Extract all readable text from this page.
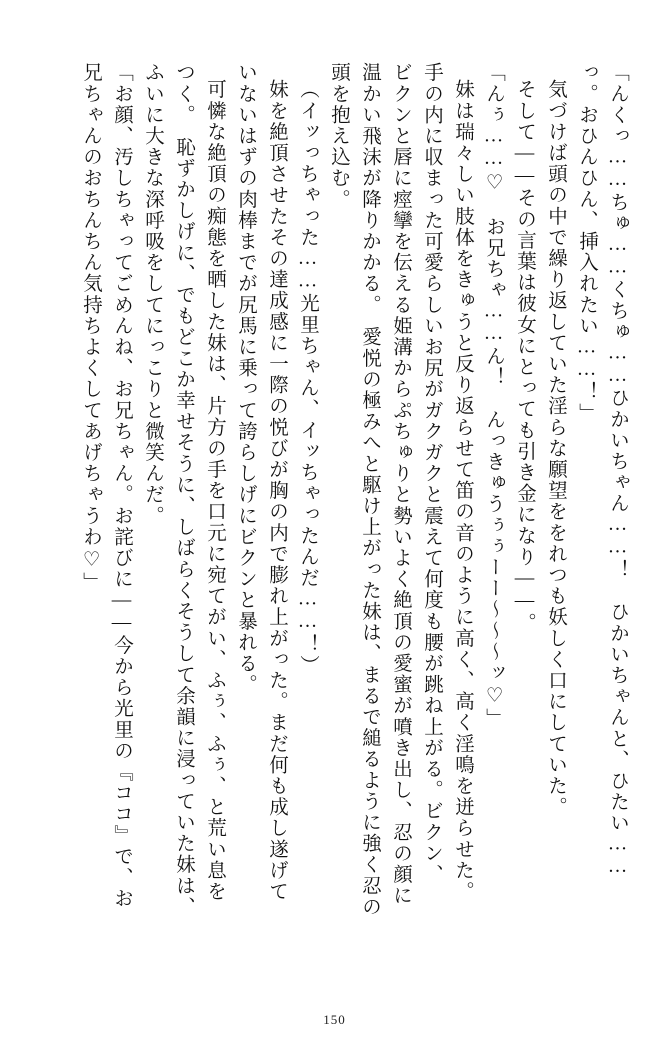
「んくっ……ちゅ……くちゅ……ひかいちゃん……！　ひかいちゃんと、ひたい……
っ。おひんひん、挿入れたい……！」
気づけば頭の中で繰り返していた淫らな願望ををれつも妖しく口にしていた。
そして――その言葉は彼女にとっても引き金になり――。
「んぅ……♡　お兄ちゃ……ん！　んっきゅうぅぅーー～～～ッ♡」
妹は瑞々しい肢体をきゅうと反り返らせて笛の音のように高く、高く淫鳴を迸らせた。
手の内に収まった可愛らしいお尻がガクガクと震えて何度も腰が跳ね上がる。ビクン、
ビクンと唇に痙攣を伝える姫溝からぷちゅりと勢いよく絶頂の愛蜜が噴き出し、忍の顔に
温かい飛沫が降りかかる。　愛悦の極みへと駆け上がった妹は、まるで縋るように強く忍の
頭を抱え込む。
（イッっちゃった……光里ちゃん、イッちゃったんだ……！）
妹を絶頂させたその達成感に一際の悦びが胸の内で膨れ上がった。まだ何も成し遂げて
いないはずの肉棒までが尻馬に乗って誇らしげにビクンと暴れる。
可憐な絶頂の痴態を晒した妹は、片方の手を口元に宛てがい、ふぅ、ふぅ、と荒い息を
つく。　恥ずかしげに、でもどこか幸せそうに、しばらくそうして余韻に浸っていた妹は、
ふいに大きな深呼吸をしてにっこりと微笑んだ。
「お顔、汚しちゃってごめんね、お兄ちゃん。お詫びに――今から光里の『ココ』で、お
兄ちゃんのおちんちん気持ちよくしてあげちゃうわ♡」
150
